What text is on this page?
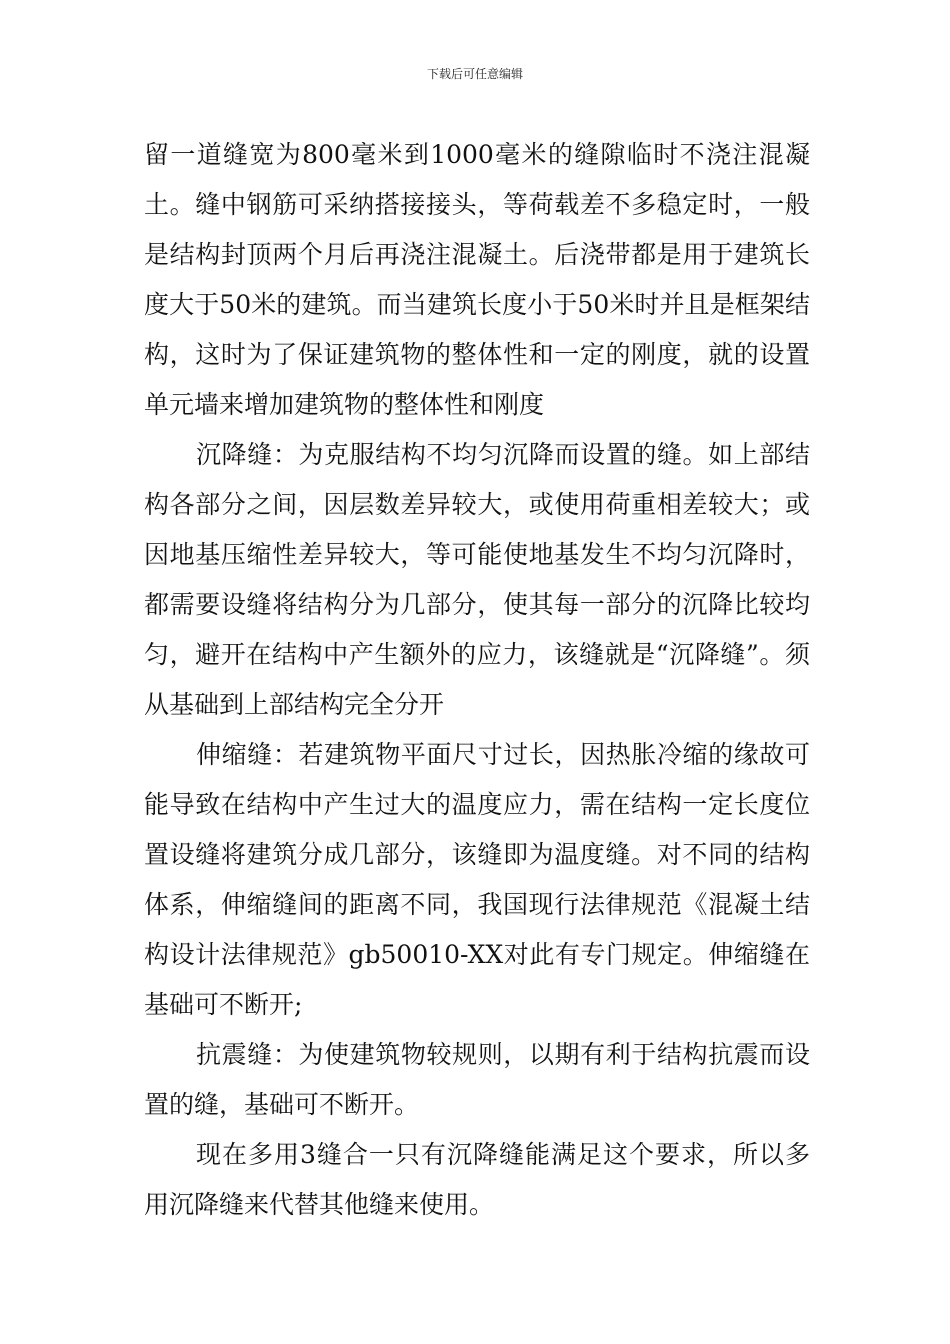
下载后可任意编辑

留一道缝宽为800毫米到1000毫米的缝隙临时不浇注混凝土。缝中钢筋可采纳搭接接头，等荷载差不多稳定时，一般是结构封顶两个月后再浇注混凝土。后浇带都是用于建筑长度大于50米的建筑。而当建筑长度小于50米时并且是框架结构，这时为了保证建筑物的整体性和一定的刚度，就的设置单元墙来增加建筑物的整体性和刚度

沉降缝：为克服结构不均匀沉降而设置的缝。如上部结构各部分之间，因层数差异较大，或使用荷重相差较大；或因地基压缩性差异较大，等可能使地基发生不均匀沉降时，都需要设缝将结构分为几部分，使其每一部分的沉降比较均匀，避开在结构中产生额外的应力，该缝就是“沉降缝”。须从基础到上部结构完全分开

伸缩缝：若建筑物平面尺寸过长，因热胀冷缩的缘故可能导致在结构中产生过大的温度应力，需在结构一定长度位置设缝将建筑分成几部分，该缝即为温度缝。对不同的结构体系，伸缩缝间的距离不同，我国现行法律规范《混凝土结构设计法律规范》gb50010-XX对此有专门规定。伸缩缝在基础可不断开;

抗震缝：为使建筑物较规则，以期有利于结构抗震而设置的缝，基础可不断开。

现在多用3缝合一只有沉降缝能满足这个要求，所以多用沉降缝来代替其他缝来使用。
